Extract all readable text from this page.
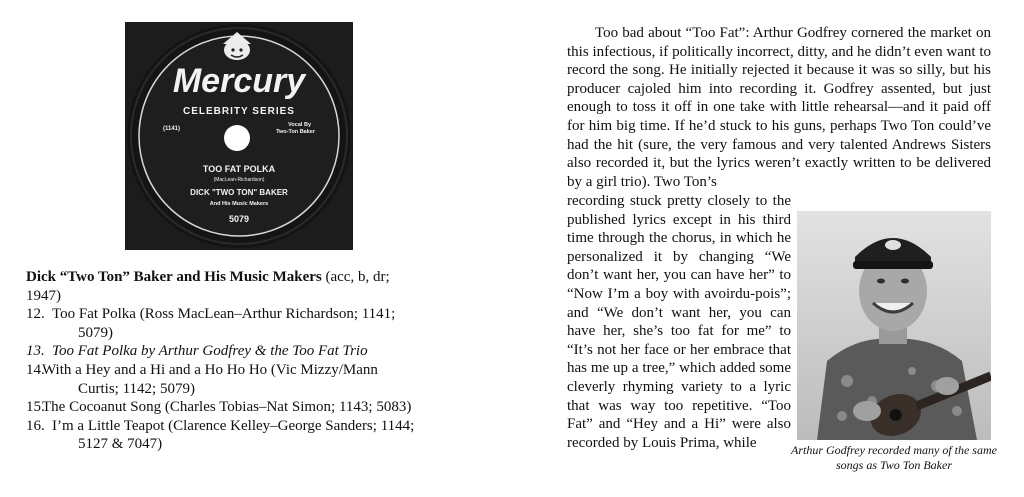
Mercury
CELEBRITY SERIES
(1141)
Vocal By
Two-Ton Baker
TOO FAT POLKA
(MacLean-Richardson)
DICK "TWO TON" BAKER
And His Music Makers
5079
Dick “Two Ton” Baker and His Music Makers (acc, b, dr;
1947)
12. Too Fat Polka (Ross MacLean–Arthur Richardson; 1141;
5079)
13. Too Fat Polka by Arthur Godfrey & the Too Fat Trio
14.
With a Hey and a Hi and a Ho Ho Ho (Vic Mizzy/Mann
Curtis; 1142; 5079)
15.
The Cocoanut Song (Charles Tobias–Nat Simon; 1143; 5083)
16. I’m a Little Teapot (Clarence Kelley–George Sanders; 1144;
5127 & 7047)

Too bad about “Too Fat”: Arthur Godfrey cornered the market on this infectious, if politically incorrect, ditty, and he didn’t even want to record the song. He initially rejected it because it was so silly, but his producer cajoled him into recording it. Godfrey assented, but just enough to toss it off in one take with little rehearsal—and it paid off for him big time. If he’d stuck to his guns, perhaps Two Ton could’ve had the hit (sure, the very famous and very talented Andrews Sisters also recorded it, but the lyrics weren’t exactly written to be delivered by a girl trio). Two Ton’s

recording stuck pretty closely to the published lyrics except in his third time through the chorus, in which he personalized it by changing “We don’t want her, you can have her” to “Now I’m a boy with avoirdu-pois”; and “We don’t want her, you can have her, she’s too fat for me” to “It’s not her face or her embrace that has me up a tree,” which added some cleverly rhyming variety to a lyric that was way too repetitive. “Too Fat” and “Hey and a Hi” were also recorded by Louis Prima, while	Arthur Godfrey recorded many of the same songs as Two Ton Baker
